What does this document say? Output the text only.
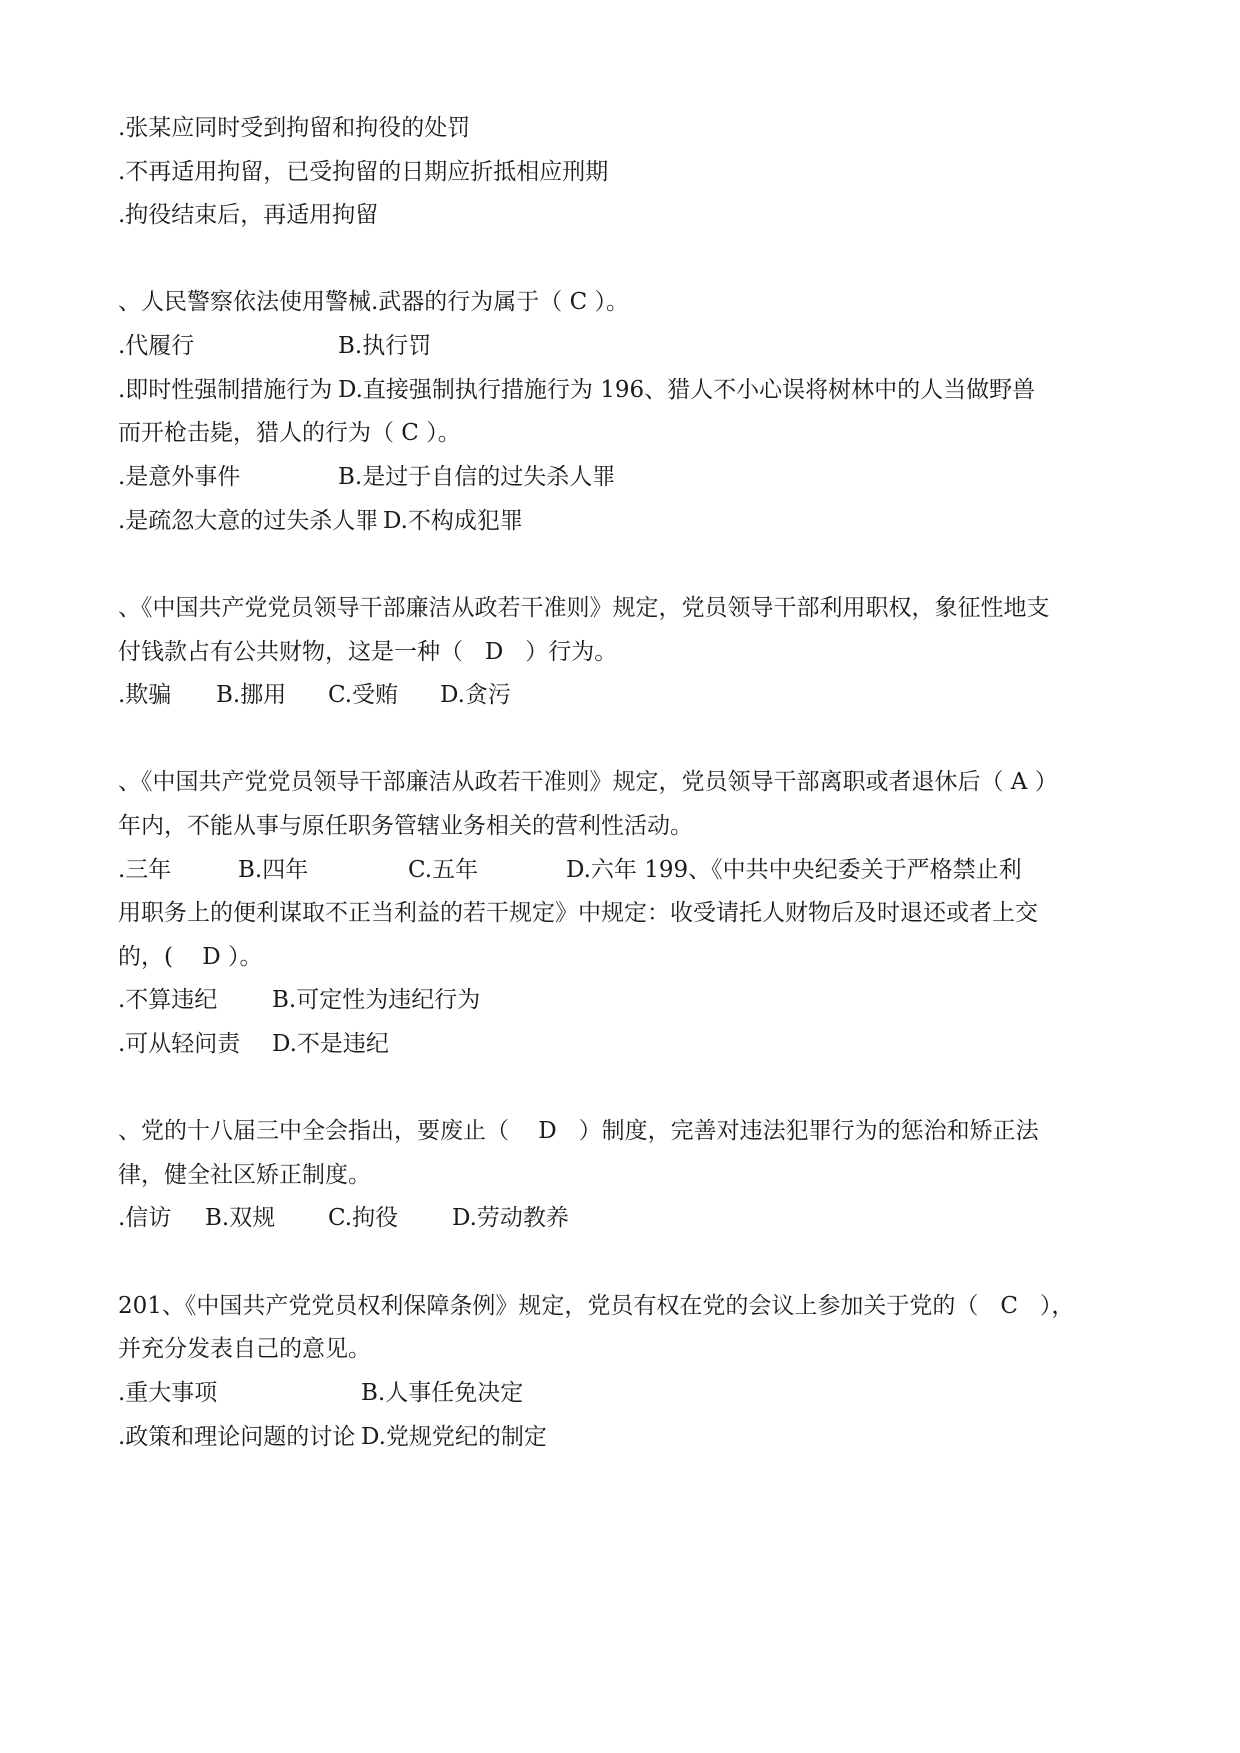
.张某应同时受到拘留和拘役的处罚
.不再适用拘留，已受拘留的日期应折抵相应刑期
.拘役结束后，再适用拘留
、人民警察依法使用警械.武器的行为属于（ C ）。
.代履行	B.执行罚
.即时性强制措施行为 D.直接强制执行措施行为 196、猎人不小心误将树林中的人当做野兽
而开枪击毙，猎人的行为（ C ）。
.是意外事件	B.是过于自信的过失杀人罪
.是疏忽大意的过失杀人罪 D.不构成犯罪
、《中国共产党党员领导干部廉洁从政若干准则》规定，党员领导干部利用职权，象征性地支
付钱款占有公共财物，这是一种（   D   ）行为。
.欺骗 B.挪用 C.受贿 D.贪污
、《中国共产党党员领导干部廉洁从政若干准则》规定，党员领导干部离职或者退休后（ A ）
年内，不能从事与原任职务管辖业务相关的营利性活动。
.三年	B.四年	C.五年	D.六年 199、《中共中央纪委关于严格禁止利
用职务上的便利谋取不正当利益的若干规定》中规定：收受请托人财物后及时退还或者上交
的，(    D ）。
.不算违纪 B.可定性为违纪行为
.可从轻问责 D.不是违纪
、党的十八届三中全会指出，要废止（    D   ）制度，完善对违法犯罪行为的惩治和矫正法
律，健全社区矫正制度。
.信访 B.双规 C.拘役 D.劳动教养
201、《中国共产党党员权利保障条例》规定，党员有权在党的会议上参加关于党的（   C   ），
并充分发表自己的意见。
.重大事项	B.人事任免决定
.政策和理论问题的讨论 D.党规党纪的制定
